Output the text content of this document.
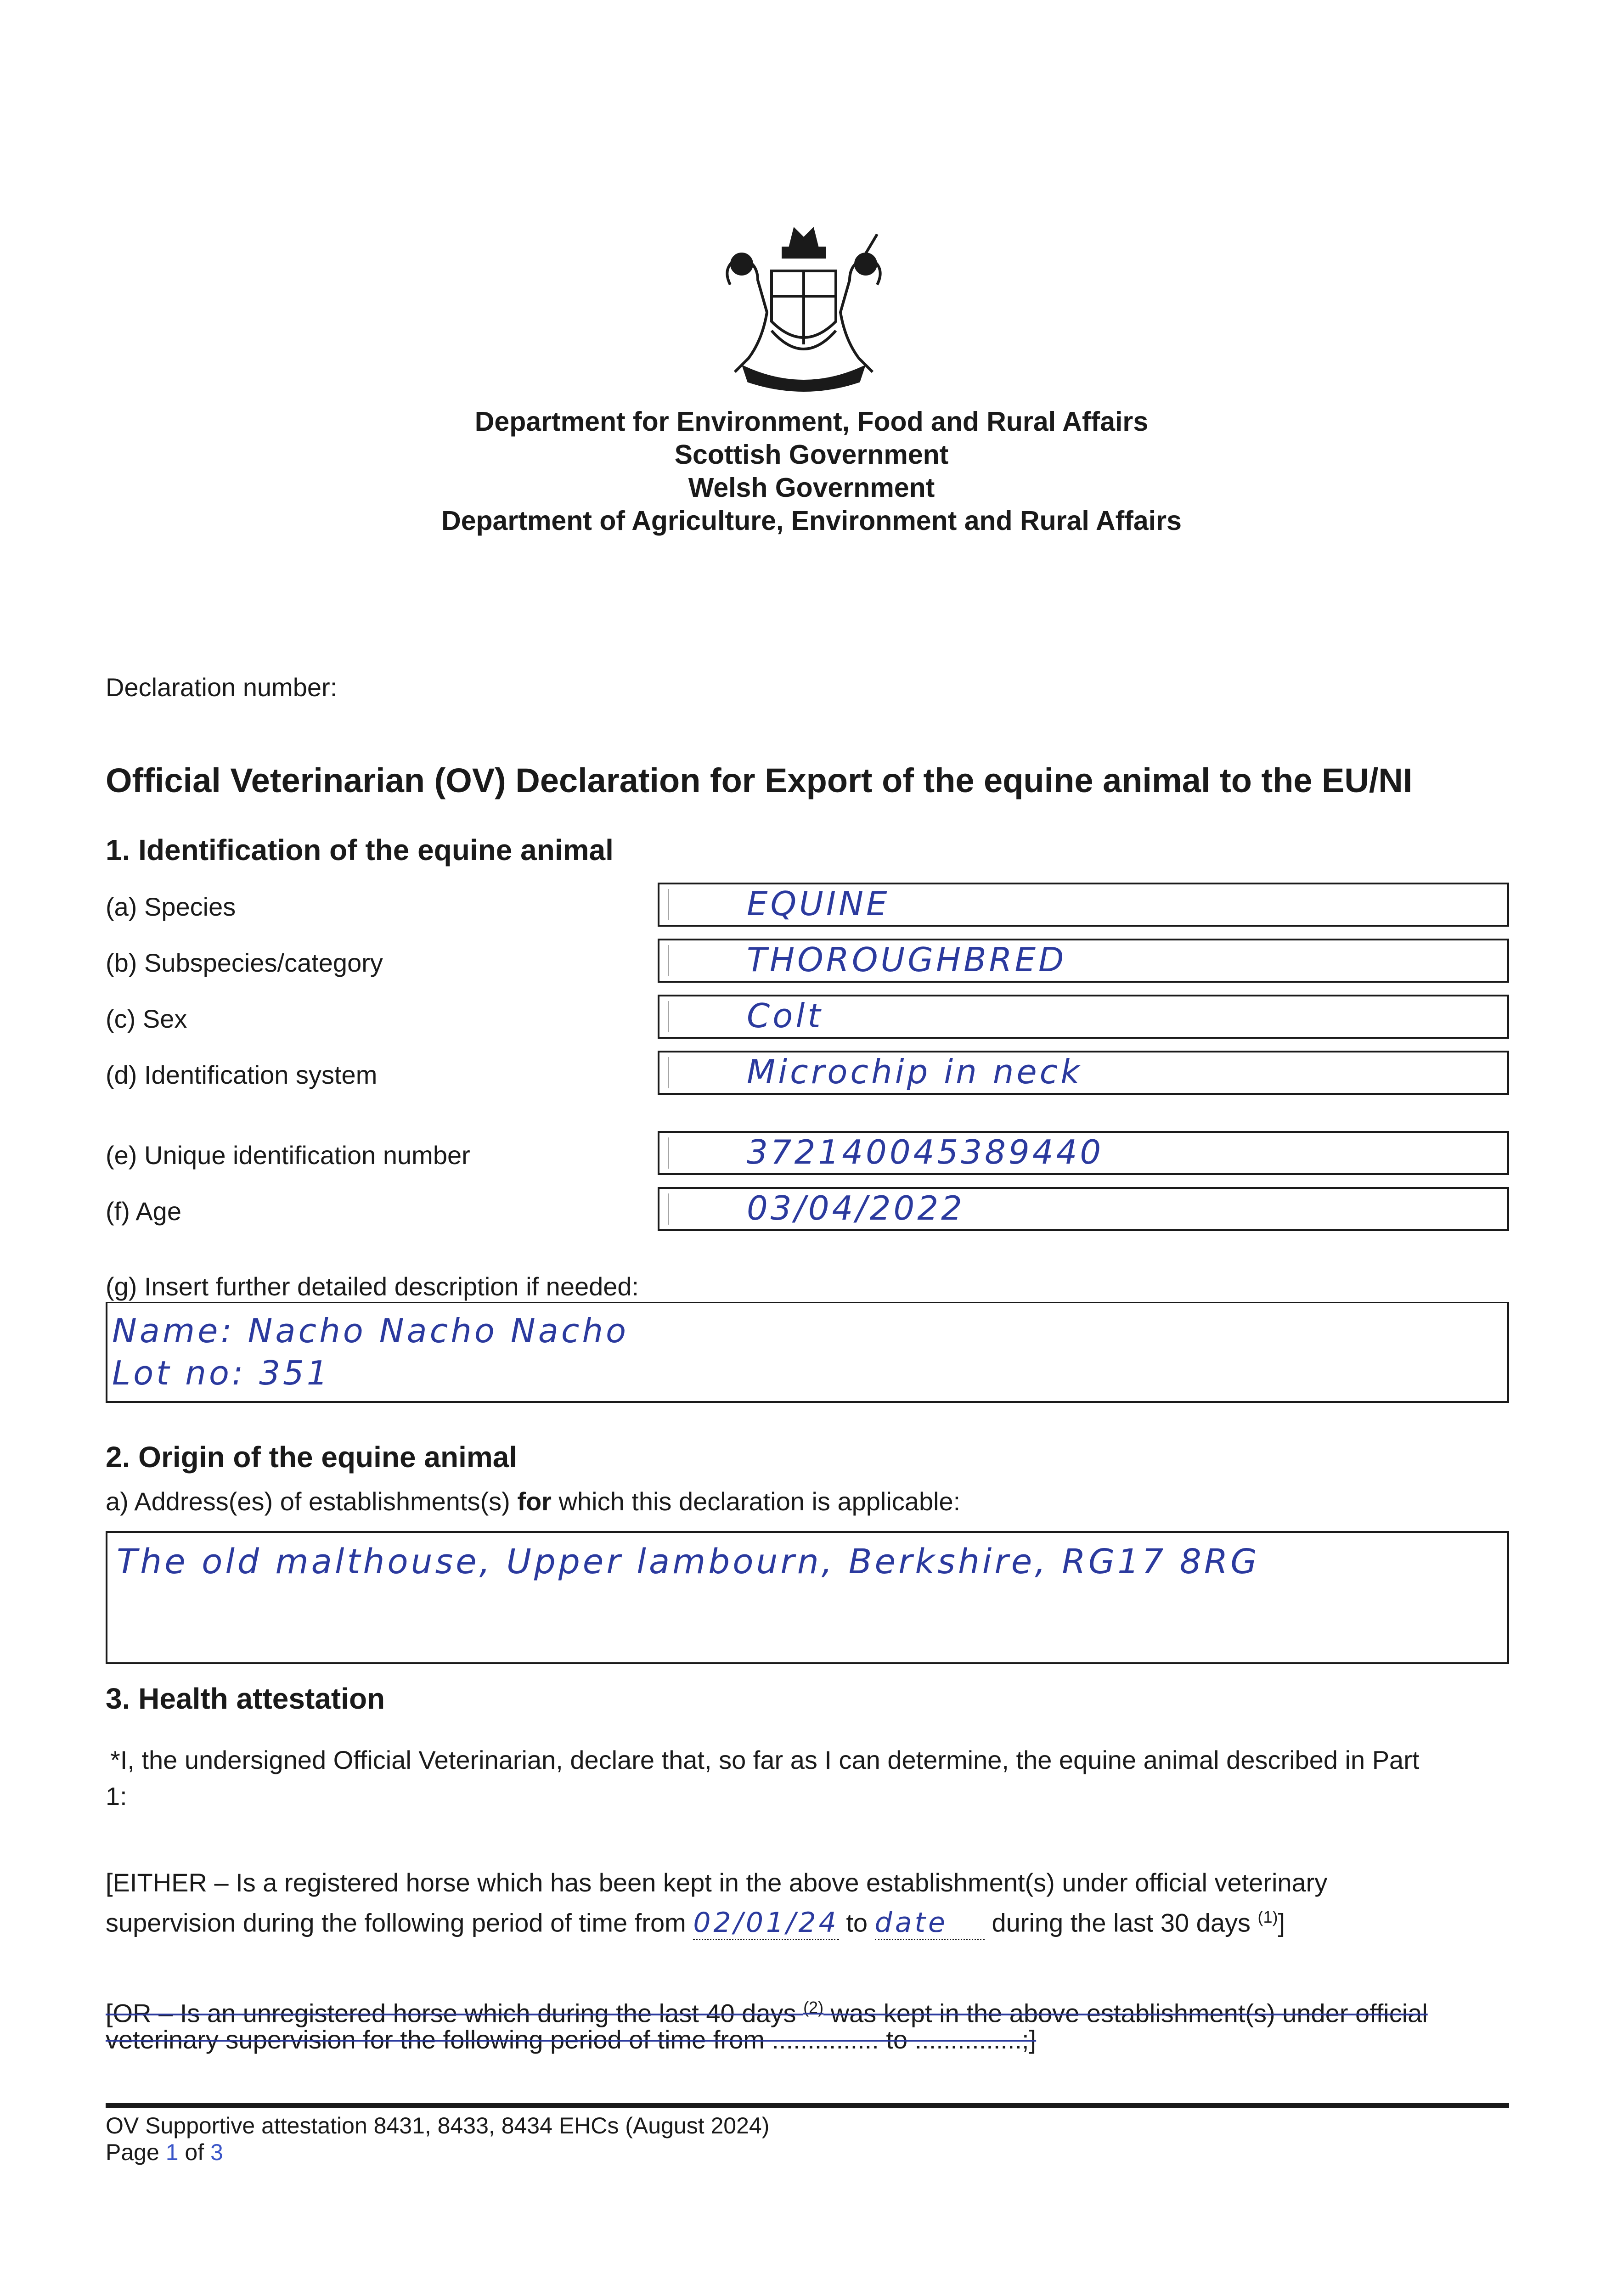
Department for Environment, Food and Rural Affairs
Scottish Government
Welsh Government
Department of Agriculture, Environment and Rural Affairs
Declaration number:
Official Veterinarian (OV) Declaration for Export of the equine animal to the EU/NI
1. Identification of the equine animal
(a) Species	EQUINE
(b) Subspecies/category	THOROUGHBRED
(c) Sex	Colt
(d) Identification system	Microchip in neck
(e) Unique identification number	372140045389440
(f) Age	03/04/2022
(g) Insert further detailed description if needed:
Name: Nacho Nacho Nacho
Lot no: 351
2. Origin of the equine animal
a) Address(es) of establishments(s) for which this declaration is applicable:
The old malthouse, Upper lambourn, Berkshire, RG17 8RG
3. Health attestation
*I, the undersigned Official Veterinarian, declare that, so far as I can determine, the equine animal described in Part
1:
[EITHER – Is a registered horse which has been kept in the above establishment(s) under official veterinary
supervision during the following period of time from 02/01/24 to date during the last 30 days $^{(1)}$]
[OR – Is an unregistered horse which during the last 40 days $^{(2)}$ was kept in the above establishment(s) under official
veterinary supervision for the following period of time from ............... to ...............;]
OV Supportive attestation 8431, 8433, 8434 EHCs (August 2024)
Page 1 of 3
